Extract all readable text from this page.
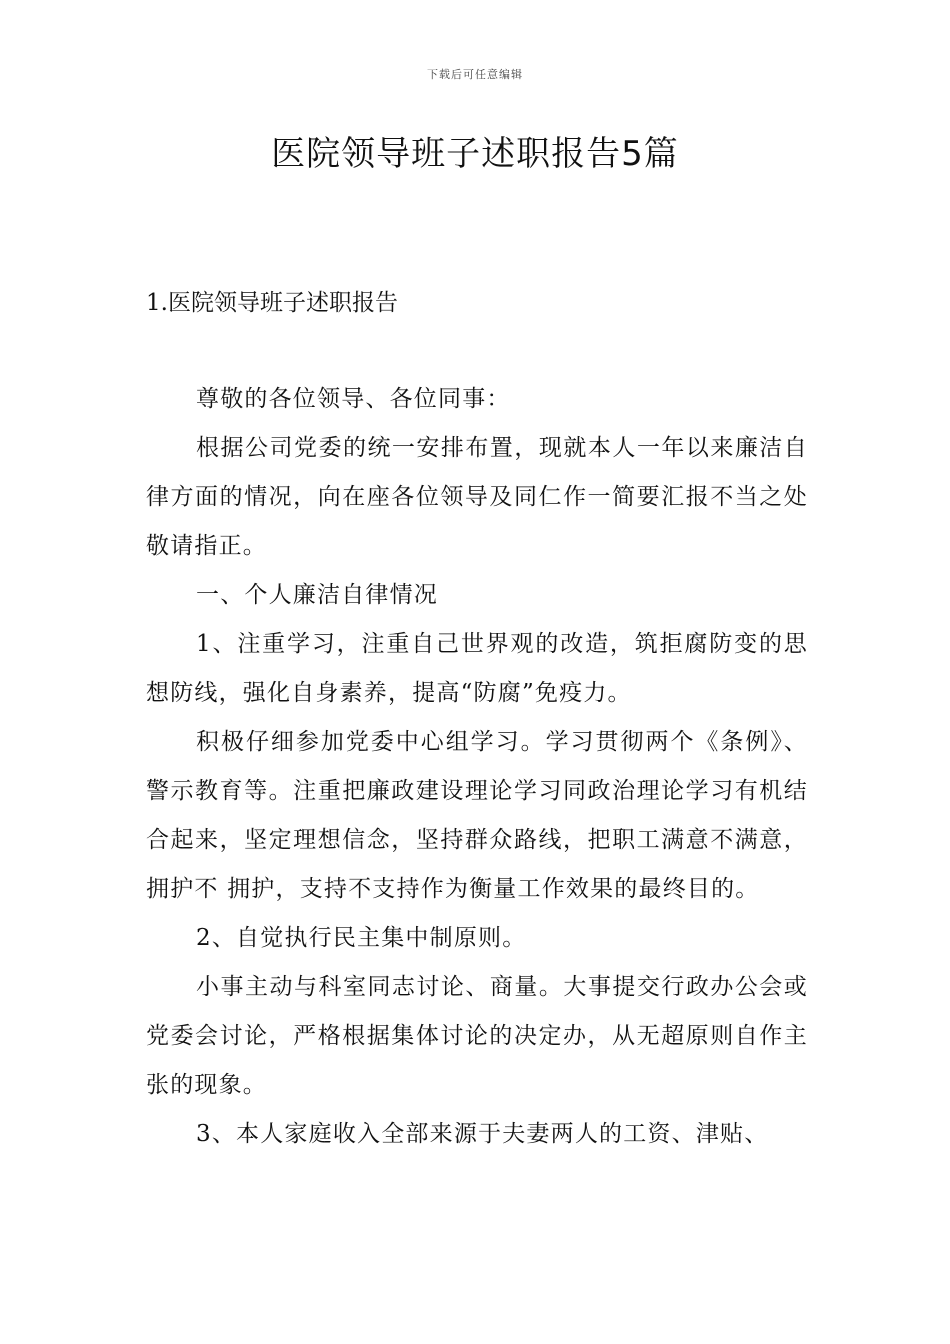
下载后可任意编辑
医院领导班子述职报告5篇
1.医院领导班子述职报告

尊敬的各位领导、各位同事：

根据公司党委的统一安排布置，现就本人一年以来廉洁自律方面的情况，向在座各位领导及同仁作一简要汇报不当之处敬请指正。

一、个人廉洁自律情况

1、注重学习，注重自己世界观的改造，筑拒腐防变的思想防线，强化自身素养，提高“防腐”免疫力。

积极仔细参加党委中心组学习。学习贯彻两个《条例》、警示教育等。注重把廉政建设理论学习同政治理论学习有机结合起来，坚定理想信念，坚持群众路线，把职工满意不满意，拥护不 拥护，支持不支持作为衡量工作效果的最终目的。

2、自觉执行民主集中制原则。

小事主动与科室同志讨论、商量。大事提交行政办公会或党委会讨论，严格根据集体讨论的决定办，从无超原则自作主张的现象。

3、本人家庭收入全部来源于夫妻两人的工资、津贴、
